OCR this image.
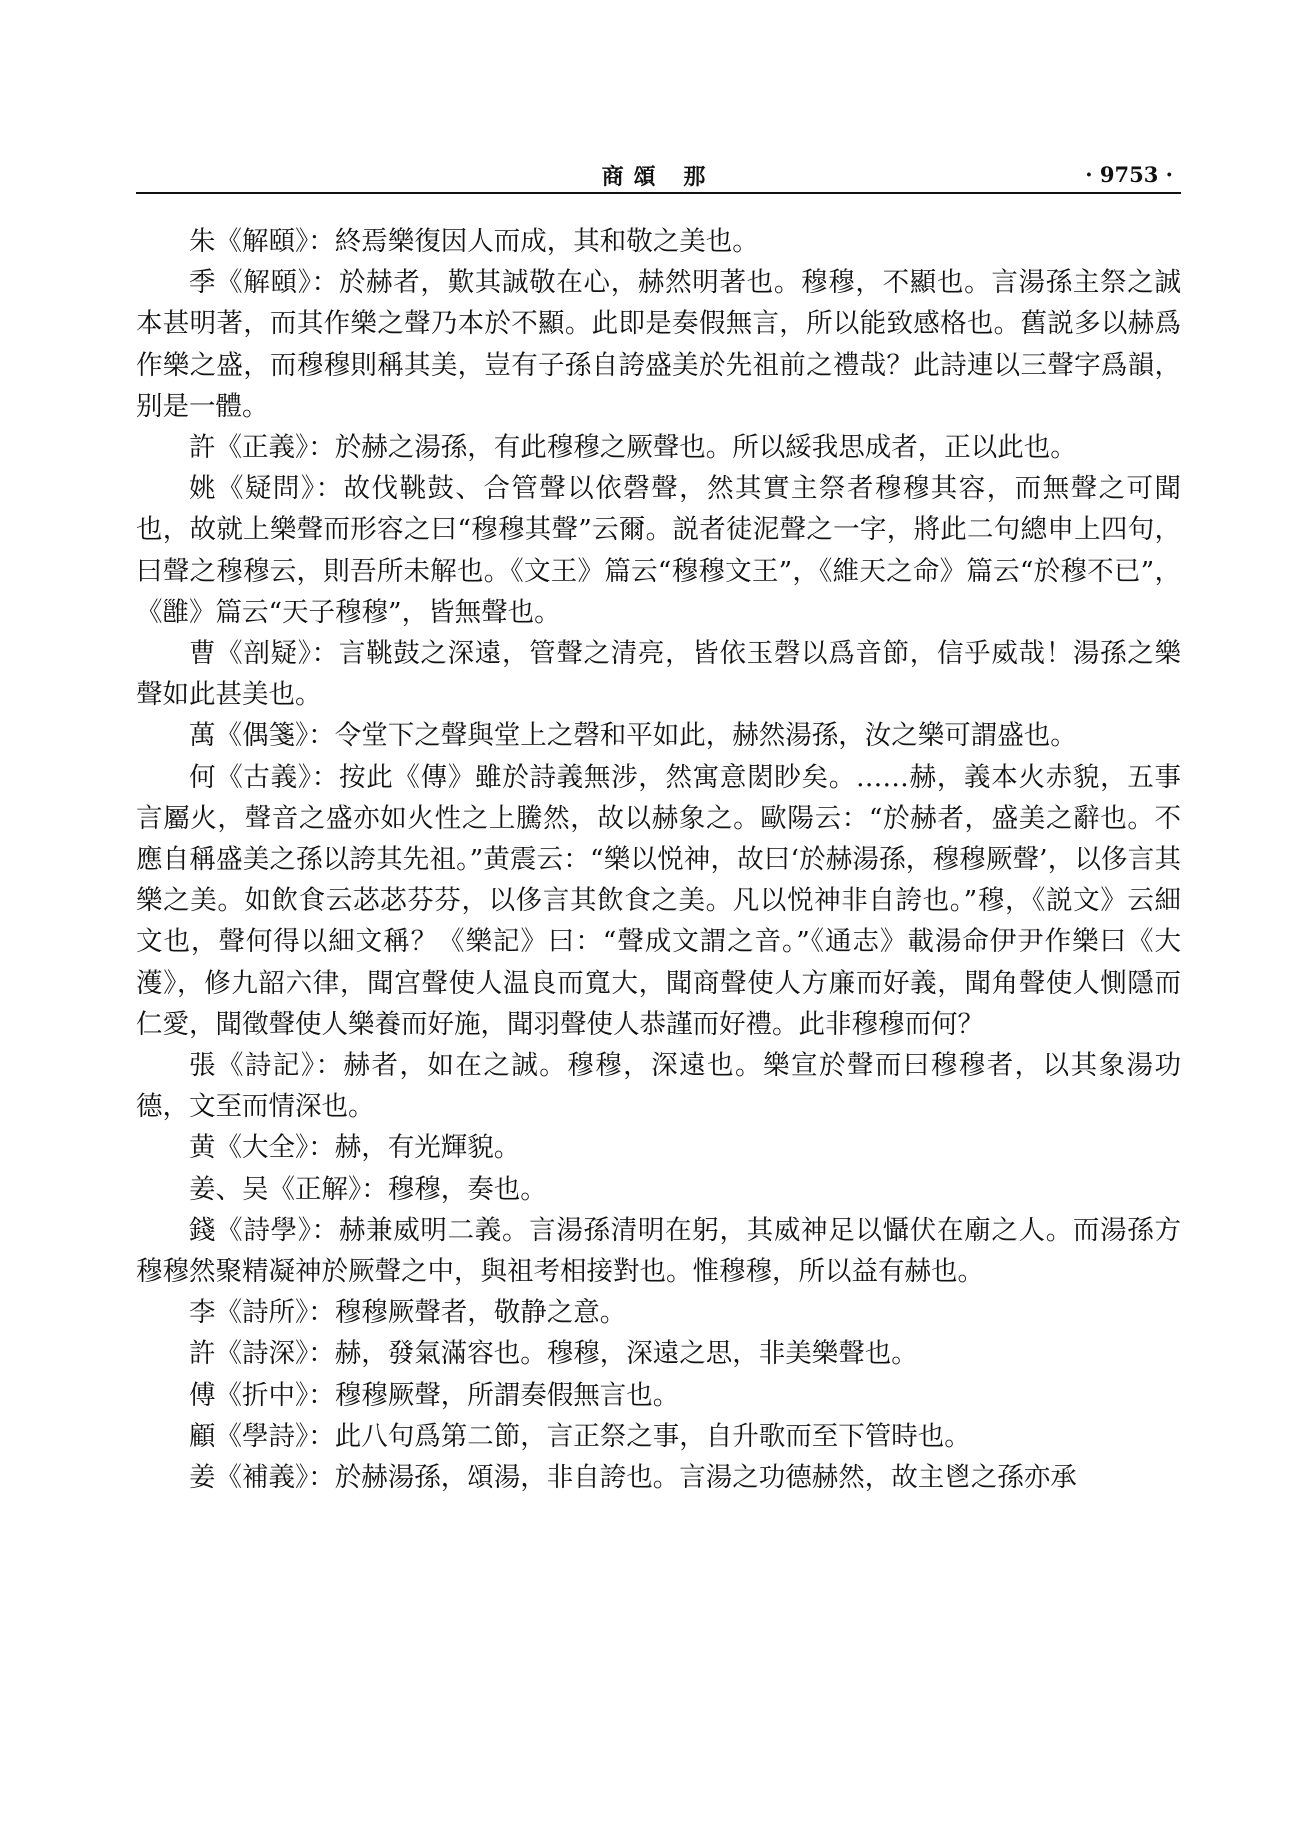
商頌 那	· 9753 ·

朱《解頤》：終焉樂復因人而成，其和敬之美也。

季《解頤》：於赫者，歎其誠敬在心，赫然明著也。穆穆，不顯也。言湯孫主祭之誠本甚明著，而其作樂之聲乃本於不顯。此即是奏假無言，所以能致感格也。舊説多以赫爲作樂之盛，而穆穆則稱其美，豈有子孫自誇盛美於先祖前之禮哉？此詩連以三聲字爲韻，别是一體。

許《正義》：於赫之湯孫，有此穆穆之厥聲也。所以綏我思成者，正以此也。

姚《疑問》：故伐鞉鼓、合管聲以依磬聲，然其實主祭者穆穆其容，而無聲之可聞也，故就上樂聲而形容之曰“穆穆其聲”云爾。説者徒泥聲之一字，將此二句總申上四句，曰聲之穆穆云，則吾所未解也。《文王》篇云“穆穆文王”，《維天之命》篇云“於穆不已”，《雝》篇云“天子穆穆”，皆無聲也。

曹《剖疑》：言鞉鼓之深遠，管聲之清亮，皆依玉磬以爲音節，信乎威哉！湯孫之樂聲如此甚美也。

萬《偶箋》：令堂下之聲與堂上之磬和平如此，赫然湯孫，汝之樂可謂盛也。

何《古義》：按此《傳》雖於詩義無涉，然寓意閎眇矣。……赫，義本火赤貌，五事言屬火，聲音之盛亦如火性之上騰然，故以赫象之。歐陽云：“於赫者，盛美之辭也。不應自稱盛美之孫以誇其先祖。”黄震云：“樂以悦神，故曰‘於赫湯孫，穆穆厥聲’，以侈言其樂之美。如飲食云苾苾芬芬，以侈言其飲食之美。凡以悦神非自誇也。”穆，《説文》云細文也，聲何得以細文稱？《樂記》曰：“聲成文謂之音。”《通志》載湯命伊尹作樂曰《大濩》，修九韶六律，聞宫聲使人温良而寬大，聞商聲使人方廉而好義，聞角聲使人惻隱而仁愛，聞徵聲使人樂養而好施，聞羽聲使人恭謹而好禮。此非穆穆而何？

張《詩記》：赫者，如在之誠。穆穆，深遠也。樂宣於聲而曰穆穆者，以其象湯功德，文至而情深也。

黄《大全》：赫，有光輝貌。

姜、吴《正解》：穆穆，奏也。

錢《詩學》：赫兼威明二義。言湯孫清明在躬，其威神足以懾伏在廟之人。而湯孫方穆穆然聚精凝神於厥聲之中，與祖考相接對也。惟穆穆，所以益有赫也。

李《詩所》：穆穆厥聲者，敬静之意。

許《詩深》：赫，發氣滿容也。穆穆，深遠之思，非美樂聲也。

傅《折中》：穆穆厥聲，所謂奏假無言也。

顧《學詩》：此八句爲第二節，言正祭之事，自升歌而至下管時也。

姜《補義》：於赫湯孫，頌湯，非自誇也。言湯之功德赫然，故主鬯之孫亦承
